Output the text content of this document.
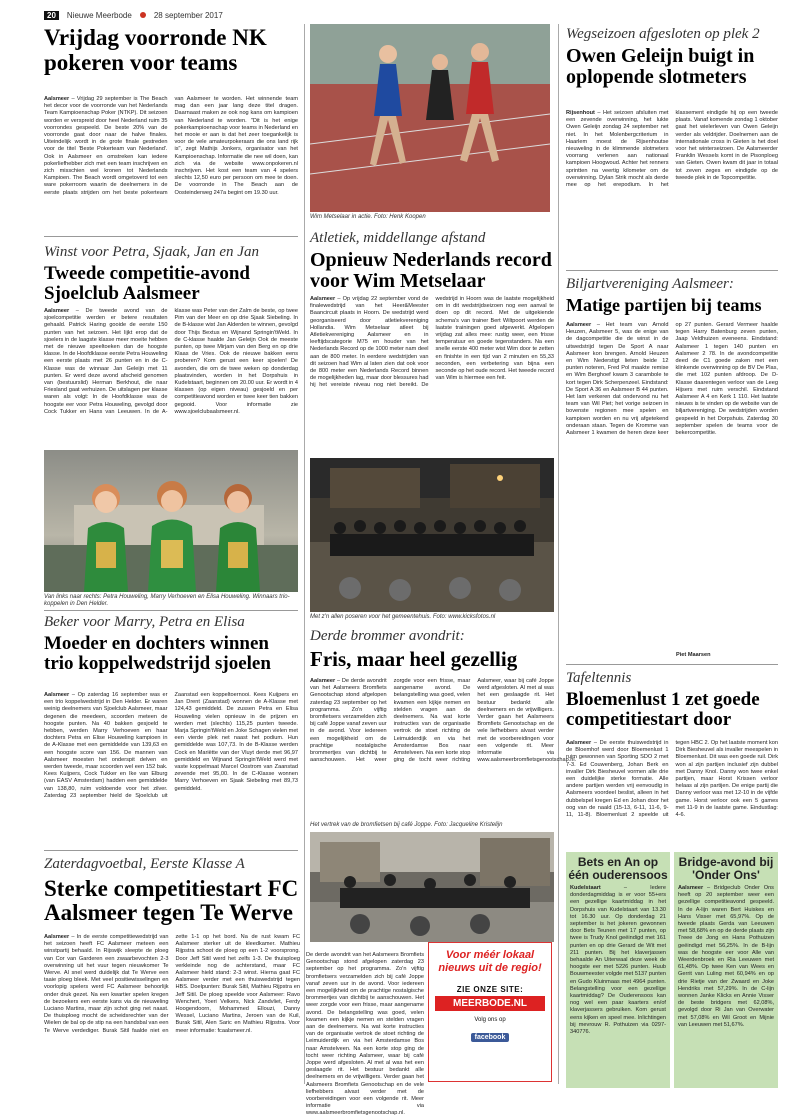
20	Nieuwe Meerbode	28 september 2017
Vrijdag voorronde NK pokeren voor teams
Aalsmeer – Vrijdag 29 september is The Beach het decor voor de voorronde van het Nederlands Team Kampioenschap Poker (NTKP). Dit seizoen worden er verspreid door heel Nederland ruim 35 voorrondes gespeeld. De beste 20% van de voorronde gaat door naar de halve finales. Uiteindelijk wordt in de grote finale gestreden voor de titel 'Beste Pokerteam van Nederland'. Ook in Aalsmeer en omstreken kan iedere pokerliefhebber zich met een team inschrijven en zich misschien wel kronen tot Nederlands Kampioen. The Beach wordt omgetoverd tot een ware pokerroom waarin de deelnemers in de eerste plaats strijden om het beste pokerteam van Aalsmeer te worden. Het winnende team mag dan een jaar lang deze titel dragen. Daarnaast maken ze ook nog kans om kampioen van Nederland te worden. "Dit is het enige pokerkampioenschap voor teams in Nederland en het mooie er aan is dat het zeer toegankelijk is voor de vele amateurpokeraars die ons land rijk is", zegt Mathijs Jonkers, organisator van het Kampioenschap. Informatie die nee wil doen, kan zich via de website www.onpokeren.nl inschrijven. Het kost een team van 4 spelers slechts 12,50 euro per persoon om mee te doen. De voorronde in The Beach aan de Oosteinderweg 247a begint om 19.30 uur.
Winst voor Petra, Sjaak, Jan en Jan
Tweede competitie-avond Sjoelclub Aalsmeer
Aalsmeer – De tweede avond van de sjoelcompetitie werden er betere resultaten gehaald. Patrick Haring gooide de eerste 150 punten van het seizoen. Het lijkt erop dat de sjoelers in de laagste klasse meer moeite hebben met de nieuwe speeltoeken dan de hoogste klasse. In de Hoofdklasse eerste Petra Houweling een eerste plaats met 26 punten en in de C-Klasse was de winnaar Jan Geleijn met 11 punten. Er werd deze avond afscheid genomen van (bestuurslid) Herman Berkhout, die naar Friesland gaat verhuizen. De uitslagen per klasse waren als volgt: In de Hoofdklasse was de hoogste eer voor Petra Houweling, gevolgd door Cock Tukker en Hans van Leeuwen. In de A-klasse was Peter van der Zalm de beste, op twee Pim van der Meer en op drie Sjaak Siebeling. In de B-klasse wist Jan Alderden te winnen, gevolgd door Thijs Bextus en Wijnand Springin'tWeld. In de C-klasse haalde Jan Geleijn Ook de meeste punten, op twee Mirjam van den Berg en op drie Klaas de Vries. Ook de nieuwe bakken eens proberen? Kom gerust een keer sjoelen! De avonden, die om de twee weken op donderdag plaatsvinden, worden in het Dorpshuis in Kudelstaart, beginnen om 20.00 uur. Er wordt in 4 klassen (op eigen niveau) gesjoeld en per competitieavond worden er twee keer tien bakken gegooid. Voor informatie zie www.sjoelclubaalsmeer.nl.
Van links naar rechts: Petra Houweling, Marry Verhoeven en Elisa Houweling. Winnaars trio-koppelen in Den Helder.
Beker voor Marry, Petra en Elisa
Moeder en dochters winnen trio koppelwedstrijd sjoelen
Aalsmeer – Op zaterdag 16 september was er een trio koppelwedstrijd in Den Helder. Er waren weinig deelnemers van Sjoelclub Aalsmeer, maar degenen die meedeen, scoorden meteen de hoogste punten. Na 40 bakken gesjoeld te hebben, werden Marry Verhoeven en haar dochters Petra en Elise Houweling kampioen in de A-Klasse met een gemiddelde van 139,63 en een hoogste score van 156. De mannen van Aalsmeer moesten het onderspit delven en werden tweede, maar scoorden wel een 152 bak. Kees Kuijpers, Cock Tukker en Ike van Elburg (van EASV Amsterdam) hadden een gemiddelde van 138,80, ruim voldoende voor het zilver. Zaterdag 23 september hield de Sjoelclub uit Zaanstad een koppeltoernooi. Kees Kuijpers en Jan Drent (Zaanstad) wonnen de A-Klasse met 124,43 gemiddeld. De zussen Petra en Elisa Houweling vielen opnieuw in de prijzen en werden met (slechts) 115,25 punten tweede. Marja Springin'tWeld en Joke Schagen vielen met een vierde plek net naast het podium. Hun gemiddelde was 107,73. In de B-Klasse werden Cock en Mariëtte van der Vluyt derde met 96,97 gemiddeld en Wijnand Springin'tWeld werd met vaste koppelmaat Marcel Oostrom van Zaanstad zevende met 95,00. In de C-Klasse wonnen Marry Verhoeven en Sjaak Siebeling met 89,73 gemiddeld.
Zaterdagvoetbal, Eerste Klasse A
Sterke competitiestart FC Aalsmeer tegen Te Werve
Aalsmeer – In de eerste competitiewedstrijd van het seizoen heeft FC Aalsmeer meteen een winstpartij behaald. In Rijswijk sleepte de ploeg van Cor van Garderen een zwaarbevochten 2-3 overwinning uit het vuur tegen nieuwkomer Te Werve. Al snel werd duidelijk dat Te Werve een taaie ploeg bleek. Met veel positiewisselingen en voorlopig spelers werd FC Aalsmeer behoorlijk onder druk gezet. Na een kwartier spelen kregen de bezoekers een eerste kans via de nieuweling Luciano Martins, maar zijn schot ging net naast. De thuisploeg mocht de scheidsrechter van der Wielen de bal op de stip na een handsbal van een Te Werve verdediger. Burak Sitil faalde niet en zette 1-1 op het bord. Na de rust kwam FC Aalsmeer sterker uit de kleedkamer. Mathieu Rijpstra schoot de ploeg op een 1-2 voorsprong. Door Jeff Sitil werd het zelfs 1-3. De thuisploeg verkleinde nog de achterstand, maar FC Aalsmeer hield stand: 2-3 winst. Hierna gaat FC Aalsmeer verder met een thuiswedstrijd tegen HBS. Doelpunten: Burak Sitil, Mathieu Rijpstra en Jeff Sitil. De ploeg speelde voor Aalsmeer: Ravo Wenchert, Yoeri Velkers, Nick Zandvliet, Ferdy Hoogendoorn, Mohammed Ellouzi, Danny Wessel, Luciano Martins, Jeroen van de Kuil, Burak Sitil, Alen Saric en Mathieu Rijpstra. Voor meer informatie: fcaalsmeer.nl.
Voor méér lokaal nieuws uit de regio!
ZIE ONZE SITE:
MEERBODE.NL
Volg ons op
facebook
De derde avondrit van het Aalsmeers Bromfiets Genootschap stond afgelopen zaterdag 23 september op het programma. Zo'n vijftig bromfietsers verzamelden zich bij café Joppe vanaf zeven uur in de avond. Voor iedereen een mogelijkheid om de prachtige nostalgische brommertjes van dichtbij te aanschouwen. Het weer zorgde voor een frisse, maar aangename avond. De belangstelling was goed, velen kwamen een kijkje nemen en stelden vragen aan de deelnemers. Na wat korte instructies van de organisatie vertrok de stoet richting de Leimuiderdijk en via het Amsterdamse Bos naar Amstelveen. Na een korte stop ging de tocht weer richting Aalsmeer, waar bij café Joppe werd afgesloten. Al met al was het een geslaagde rit. Het bestuur bedankt alle deelnemers en de vrijwilligers. Verder gaan het Aalsmeers Bromfiets Genootschap en de vele liefhebbers alvast verder met de voorbereidingen voor een volgende rit. Meer informatie via www.aalsmeerbromfietsgenootschap.nl.
Wim Metselaar in actie. Foto: Henk Koopen
Atletiek, middellange afstand
Opnieuw Nederlands record voor Wim Metselaar
Aalsmeer – Op vrijdag 22 september vond de finalewedstrijd van het Heer&Meester Baancircuit plaats in Hoorn. De wedstrijd werd georganiseerd door atletiekvereniging Hollandia. Wim Metselaar atleet bij Atletiekvereniging Aalsmeer en in leeftijdscategorie M75 en houder van het Nederlands Record op de 1000 meter nam deel aan de 800 meter. In eerdere wedstrijden van dit seizoen had Wim al laten zien dat ook voor de 800 meter een Nederlands Record binnen de mogelijkheden lag, maar door blessures had hij het vereiste niveau nog niet bereikt. De wedstrijd in Hoorn was de laatste mogelijkheid om in dit wedstrijdseizoen nog een aanval te doen op dit record. Met de uitgekiende schema's van trainer Bert Wiltpoort werden de laatste trainingen goed afgewerkt. Afgelopen vrijdag zat alles mee: rustig weer, een frisse temperatuur en goede tegenstanders. Na een snelle eerste 400 meter wist Wim door te zetten en finishte in een tijd van 2 minuten en 55,33 seconden, een verbetering van bijna een seconde op het oude record. Het tweede record van Wim is hiermee een feit.
Met z'n allen poseren voor het gemeentehuis. Foto: www.kicksfotos.nl
Derde brommer avondrit:
Fris, maar heel gezellig
Aalsmeer – De derde avondrit van het Aalsmeers Bromfiets Genootschap stond afgelopen zaterdag 23 september op het programma. Zo'n vijftig bromfietsers verzamelden zich bij café Joppe vanaf zeven uur in de avond. Voor iedereen een mogelijkheid om de prachtige nostalgische brommertjes van dichtbij te aanschouwen. Het weer zorgde voor een frisse, maar aangename avond. De belangstelling was goed, velen kwamen een kijkje nemen en stelden vragen aan de deelnemers. Na wat korte instructies van de organisatie vertrok de stoet richting de Leimuiderdijk en via het Amsterdamse Bos naar Amstelveen. Na een korte stop ging de tocht weer richting Aalsmeer, waar bij café Joppe werd afgesloten. Al met al was het een geslaagde rit. Het bestuur bedankt alle deelnemers en de vrijwilligers. Verder gaan het Aalsmeers Bromfiets Genootschap en de vele liefhebbers alvast verder met de voorbereidingen voor een volgende rit. Meer informatie via www.aalsmeerbromfietsgenootschap.nl.
Het vertrek van de bromfietsen bij café Joppe. Foto: Jacqueline Kristelijn
Wegseizoen afgesloten op plek 2
Owen Geleijn buigt in oplopende slotmeters
Rijsenhout – Het seizoen afsluiten met een zevende overwinning, het lukte Owen Geleijn zondag 24 september net niet. In het Molenbergcriterium in Haarlem moest de Rijsenhoutse nieuweling in de klimmende slotmeters voorrang verlenen aan nationaal kampioen Hoogwoud. Achter het renners sprintten na veertig kilometer om de overwinning. Dylan Strik mocht als derde mee op het erepodium. In het klassement eindigde hij op een tweede plaats. Vanaf komende zondag 1 oktober gaat het wielerleven van Owen Geleijn verder als veldrijder. Doelnemen aan de internationale cross in Gieten is het doel voor het winterseizoen. De Aalsmeerder Franklin Wessels komt in de Pisonploeg van Gieten. Owen kwam dit jaar in totaal tot zeven zeges en eindigde op de tweede plek in de Topcompetitie.
Biljartvereniging Aalsmeer:
Matige partijen bij teams
Aalsmeer – Het team van Arnold Heuzen, Aalsmeer 5, was de enige van de dagcompetitie die de winst in de uitwedstrijd tegen De Sport A naar Aalsmeer kon brengen. Arnold Heuzen en Wim Nederstigt lieten beide 12 punten noteren, Fred Pol maakte remise en Wim Berghoef kwam 3 carambole te kort tegen Dirk Scherpenzeel. Eindstand: De Sport A 36 en Aalsmeer B 44 punten. Het lam verkeren dat ondervond nu het team van Wil Piet; het vorige seizoen in bovenste regionen mee spelen en kampioen worden en nu vrij afgetekend onderaan staan. Tegen de Kromme van Aalsmeer 1 kwamen de heren deze keer op 27 punten. Gerard Vermeer haalde tegen Harry Batenburg zeven punten, Jaap Veldhuizen eveneens. Eindstand: Aalsmeer 1 tegen 140 punten en Aalsmeer 2 78. In de avondcompetitie deed de C1 goede zaken met een klinkende overwinning op de BV De Plas, die met 102 punten afdroop. De D-Klasse daarentegen verloor van de Leeg Hijsers met ruim verschil. Eindstand Aalsmeer A 4 en Kerk 1 110. Het laatste nieuws is te vinden op de website van de biljartvereniging. De wedstrijden worden gespeeld in het Dorpshuis. Zaterdag 30 september spelen de teams voor de bekercompetitie.
Piet Maarsen
Tafeltennis
Bloemenlust 1 zet goede competitiestart door
Aalsmeer – De eerste thuiswedstrijd in de Bloemhof werd door Bloemenlust 1 ruim gewonnen van Sporting SDO 2 met 7-3. Ed Couwenberg, Johan Berk en invaller Dirk Biesheuvel vormen alle drie een duidelijke sterke formatie. Alle andere partijen werden vrij eenvoudig in Aalsmeers voordeel beslist, alleen in het dubbelspel kregen Ed en Johan door het oog van de naald (15-13, 6-11, 11-6, 9-11, 11-8). Bloemenlust 2 speelde uit tegen HBC 2. Op het laatste moment kon Dirk Biesheuvel als invaller meespelen in Bloemenlust. Dit was een goede ruil. Dirk won al zijn partijen inclusief zijn dubbel met Danny Knol. Danny won twee enkel partijen, maar Horst Krissen verloor helaas al zijn partijen. De enige partij die Danny verloor was met 12-10 in de vijfde game. Horst verloor ook een 5 games met 11-9 in de laatste game. Eindustlag: 4-6.
Bets en An op één ouderensoos
Kudelstaart – Iedere donderdagmiddag is er voor 55+ers een gezellige kaartmiddag in het Dorpshuis van Kudelstaart van 13.30 tot 16.30 uur. Op donderdag 21 september is het jokeren gewonnen door Bets Teunen met 17 punten, op twee is Trudy Knol geëindigd met 161 punten en op drie Gerard de Wit met 211 punten. Bij het klaverjassen behaalde An Uiterwaal deze week de hoogste eer met 5226 punten. Huub Bouwmeester volgde met 5137 punten en Gudo Kluinmaas met 4964 punten. Belangstelling voor een gezellige kaartmiddag? De Ouderensoos kan nog wel een paar kaarters en/of klaverjassers gebruiken. Kom gerust eens kijken en speel mee. Inlichtingen bij mevrouw R. Pothuizen via 0297-340776.
Bridge-avond bij 'Onder Ons'
Aalsmeer – Bridgeclub Onder Ons heeft op 20 september weer een gezellige competitieavond gespeeld. In de A-lijn waren Bert Huiskes en Hans Visser met 65,97%. Op de tweede plaats Gerda van Leeuwen met 58,68% en op de derde plaats zijn Treee de Jong en Hans Pothuizen geëindigd met 56,25%. In de B-lijn was de hoogste eer voor Alle van Weerdenbroek en Ria Leeuwen met 61,48%. Op twee Ken van Wees en Gerrit van Luling met 60,94% en op drie Rietje van der Zwaard en Joke Hendriks met 57,29%. In de C-lijn wonnen Janke Klicks en Annie Visser de beste bridgers met 62,08%, gevolgd door Ri Jan van Overwater met 57,08% en Wil Groot en Mijnie van Leeuwen met 51,67%.
